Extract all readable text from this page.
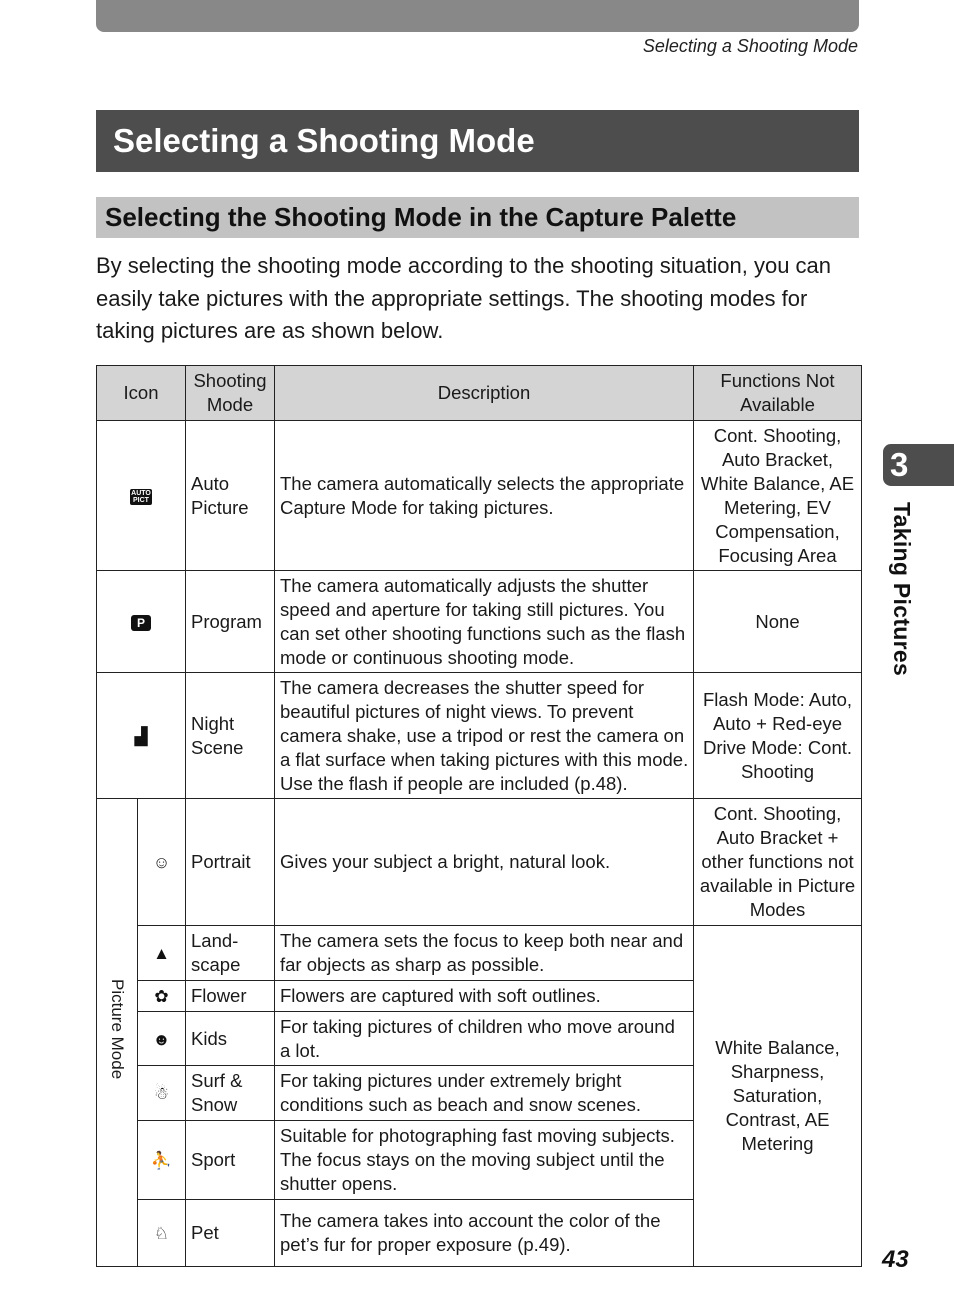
Selecting a Shooting Mode
Selecting a Shooting Mode
Selecting the Shooting Mode in the Capture Palette

By selecting the shooting mode according to the shooting situation, you can easily take pictures with the appropriate settings. The shooting modes for taking pictures are as shown below.

Icon		Shooting Mode	Description	Functions Not Available
AUTO PICT		Auto Picture	The camera automatically selects the appropriate Capture Mode for taking pictures.	Cont. Shooting, Auto Bracket, White Balance, AE Metering, EV Compensation, Focusing Area
P		Program	The camera automatically adjusts the shutter speed and aperture for taking still pictures. You can set other shooting functions such as the flash mode or continuous shooting mode.	None
▟		Night Scene	The camera decreases the shutter speed for beautiful pictures of night views. To prevent camera shake, use a tripod or rest the camera on a flat surface when taking pictures with this mode. Use the flash if people are included (p.48).	Flash Mode: Auto, Auto + Red-eye Drive Mode: Cont. Shooting
Picture Mode	☺	Portrait	Gives your subject a bright, natural look.	Cont. Shooting, Auto Bracket + other functions not available in Picture Modes
	▲	Land-scape	The camera sets the focus to keep both near and far objects as sharp as possible.	White Balance, Sharpness, Saturation, Contrast, AE Metering
	✿	Flower	Flowers are captured with soft outlines.	
	☻	Kids	For taking pictures of children who move around a lot.	
	☃	Surf & Snow	For taking pictures under extremely bright conditions such as beach and snow scenes.	
	⛹	Sport	Suitable for photographing fast moving subjects. The focus stays on the moving subject until the shutter opens.	
	♘	Pet	The camera takes into account the color of the pet’s fur for proper exposure (p.49).	
3
Taking Pictures
43
